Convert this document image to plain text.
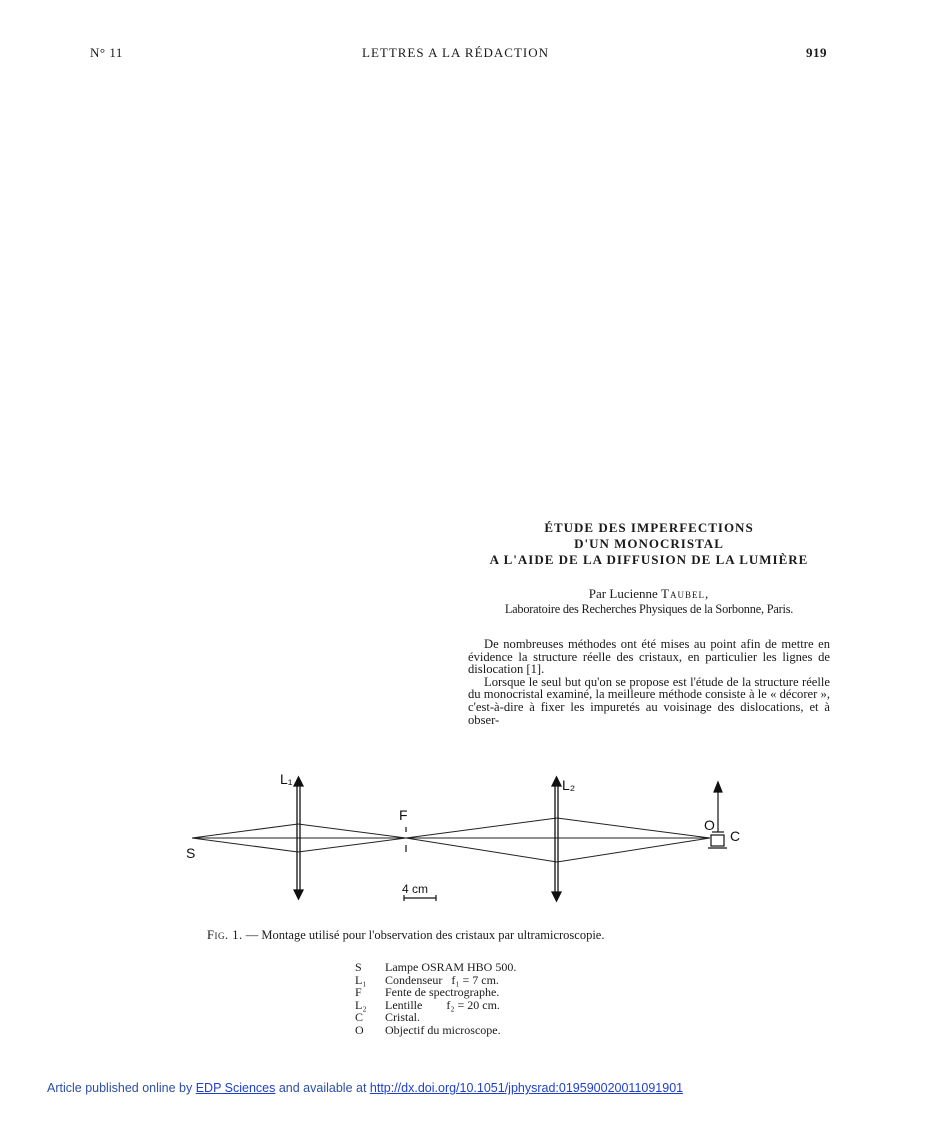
N° 11	LETTRES A LA RÉDACTION	919
ÉTUDE DES IMPERFECTIONS
D'UN MONOCRISTAL
A L'AIDE DE LA DIFFUSION DE LA LUMIÈRE
Par Lucienne Taubel,
Laboratoire des Recherches Physiques de la Sorbonne, Paris.

De nombreuses méthodes ont été mises au point afin de mettre en évidence la structure réelle des cristaux, en particulier les lignes de dislocation [1].

Lorsque le seul but qu'on se propose est l'étude de la structure réelle du monocristal examiné, la meilleure méthode consiste à le « décorer », c'est-à-dire à fixer les impuretés au voisinage des dislocations, et à obser-

S
L₁
F
L₂
O
C
4 cm
Fig. 1. — Montage utilisé pour l'observation des cristaux par ultramicroscopie.
S	Lampe OSRAM HBO 500.
L₁	Condenseur   f₁ = 7 cm.
F	Fente de spectrographe.
L₂	Lentille        f₂ = 20 cm.
C	Cristal.
O	Objectif du microscope.
Article published online by EDP Sciences and available at http://dx.doi.org/10.1051/jphysrad:019590020011091901
